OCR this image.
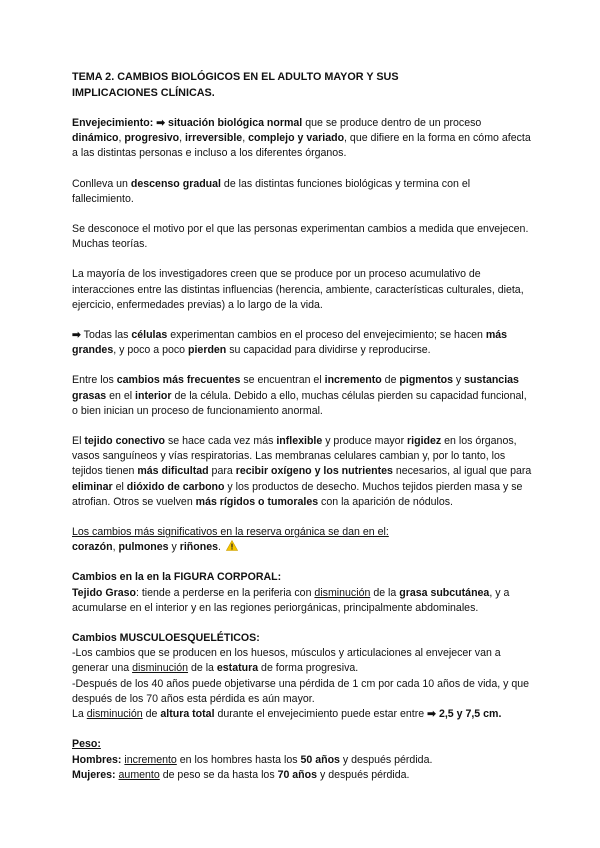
TEMA 2. CAMBIOS BIOLÓGICOS EN EL ADULTO MAYOR Y SUS
IMPLICACIONES CLÍNICAS.

Envejecimiento: ➡ situación biológica normal que se produce dentro de un proceso dinámico, progresivo, irreversible, complejo y variado, que difiere en la forma en cómo afecta a las distintas personas e incluso a los diferentes órganos.

Conlleva un descenso gradual de las distintas funciones biológicas y termina con el fallecimiento.

Se desconoce el motivo por el que las personas experimentan cambios a medida que envejecen. Muchas teorías.

La mayoría de los investigadores creen que se produce por un proceso acumulativo de interacciones entre las distintas influencias (herencia, ambiente, características culturales, dieta, ejercicio, enfermedades previas) a lo largo de la vida.

➡ Todas las células experimentan cambios en el proceso del envejecimiento; se hacen más grandes, y poco a poco pierden su capacidad para dividirse y reproducirse.

Entre los cambios más frecuentes se encuentran el incremento de pigmentos y sustancias grasas en el interior de la célula. Debido a ello, muchas células pierden su capacidad funcional, o bien inician un proceso de funcionamiento anormal.

El tejido conectivo se hace cada vez más inflexible y produce mayor rigidez en los órganos, vasos sanguíneos y vías respiratorias. Las membranas celulares cambian y, por lo tanto, los tejidos tienen más dificultad para recibir oxígeno y los nutrientes necesarios, al igual que para eliminar el dióxido de carbono y los productos de desecho. Muchos tejidos pierden masa y se atrofian. Otros se vuelven más rígidos o tumorales con la aparición de nódulos.

Los cambios más significativos en la reserva orgánica se dan en el:
corazón, pulmones y riñones.

Cambios en la en la FIGURA CORPORAL:
Tejido Graso: tiende a perderse en la periferia con disminución de la grasa subcutánea, y a acumularse en el interior y en las regiones periorgánicas, principalmente abdominales.

Cambios MUSCULOESQUELÉTICOS:
-Los cambios que se producen en los huesos, músculos y articulaciones al envejecer van a generar una disminución de la estatura de forma progresiva.
-Después de los 40 años puede objetivarse una pérdida de 1 cm por cada 10 años de vida, y que después de los 70 años esta pérdida es aún mayor.
La disminución de altura total durante el envejecimiento puede estar entre ➡ 2,5 y 7,5 cm.

Peso:
Hombres: incremento en los hombres hasta los 50 años y después pérdida.
Mujeres: aumento de peso se da hasta los 70 años y después pérdida.
